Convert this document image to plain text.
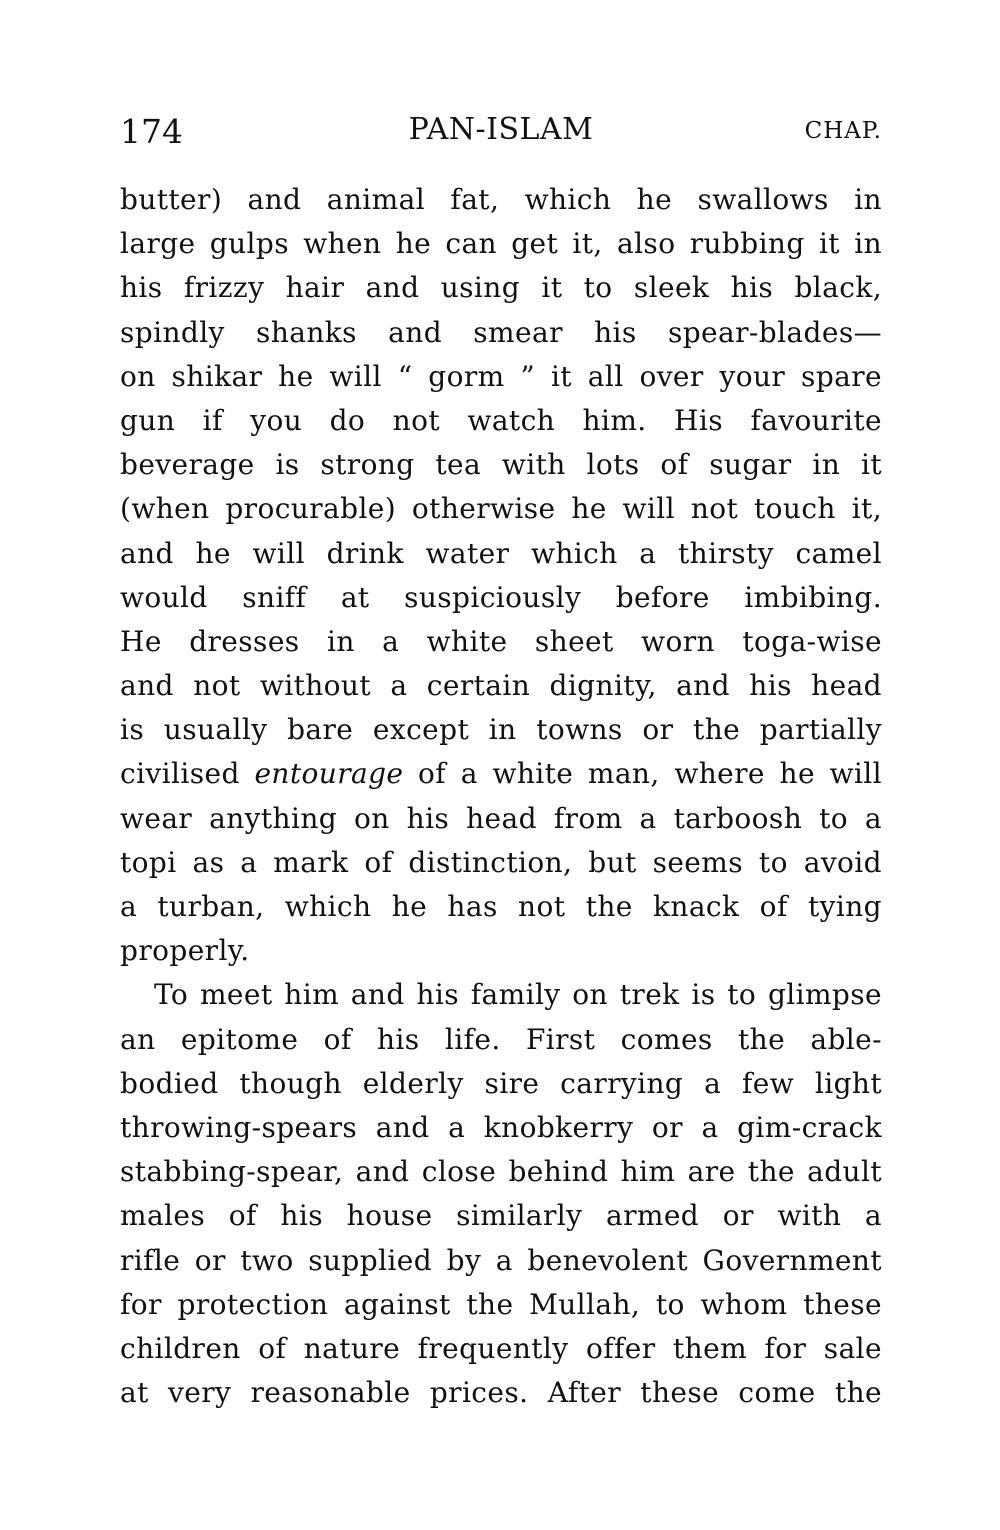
174	PAN-ISLAM	CHAP.
butter) and animal fat, which he swallows in
large gulps when he can get it, also rubbing it in
his frizzy hair and using it to sleek his black,
spindly shanks and smear his spear-blades—
on shikar he will “ gorm ” it all over your spare
gun if you do not watch him. His favourite
beverage is strong tea with lots of sugar in it
(when procurable) otherwise he will not touch it,
and he will drink water which a thirsty camel
would sniff at suspiciously before imbibing.
He dresses in a white sheet worn toga-wise
and not without a certain dignity, and his head
is usually bare except in towns or the partially
civilised entourage of a white man, where he will
wear anything on his head from a tarboosh to a
topi as a mark of distinction, but seems to avoid
a turban, which he has not the knack of tying
properly.
To meet him and his family on trek is to glimpse
an epitome of his life. First comes the able-
bodied though elderly sire carrying a few light
throwing-spears and a knobkerry or a gim-crack
stabbing-spear, and close behind him are the adult
males of his house similarly armed or with a
rifle or two supplied by a benevolent Government
for protection against the Mullah, to whom these
children of nature frequently offer them for sale
at very reasonable prices. After these come the
